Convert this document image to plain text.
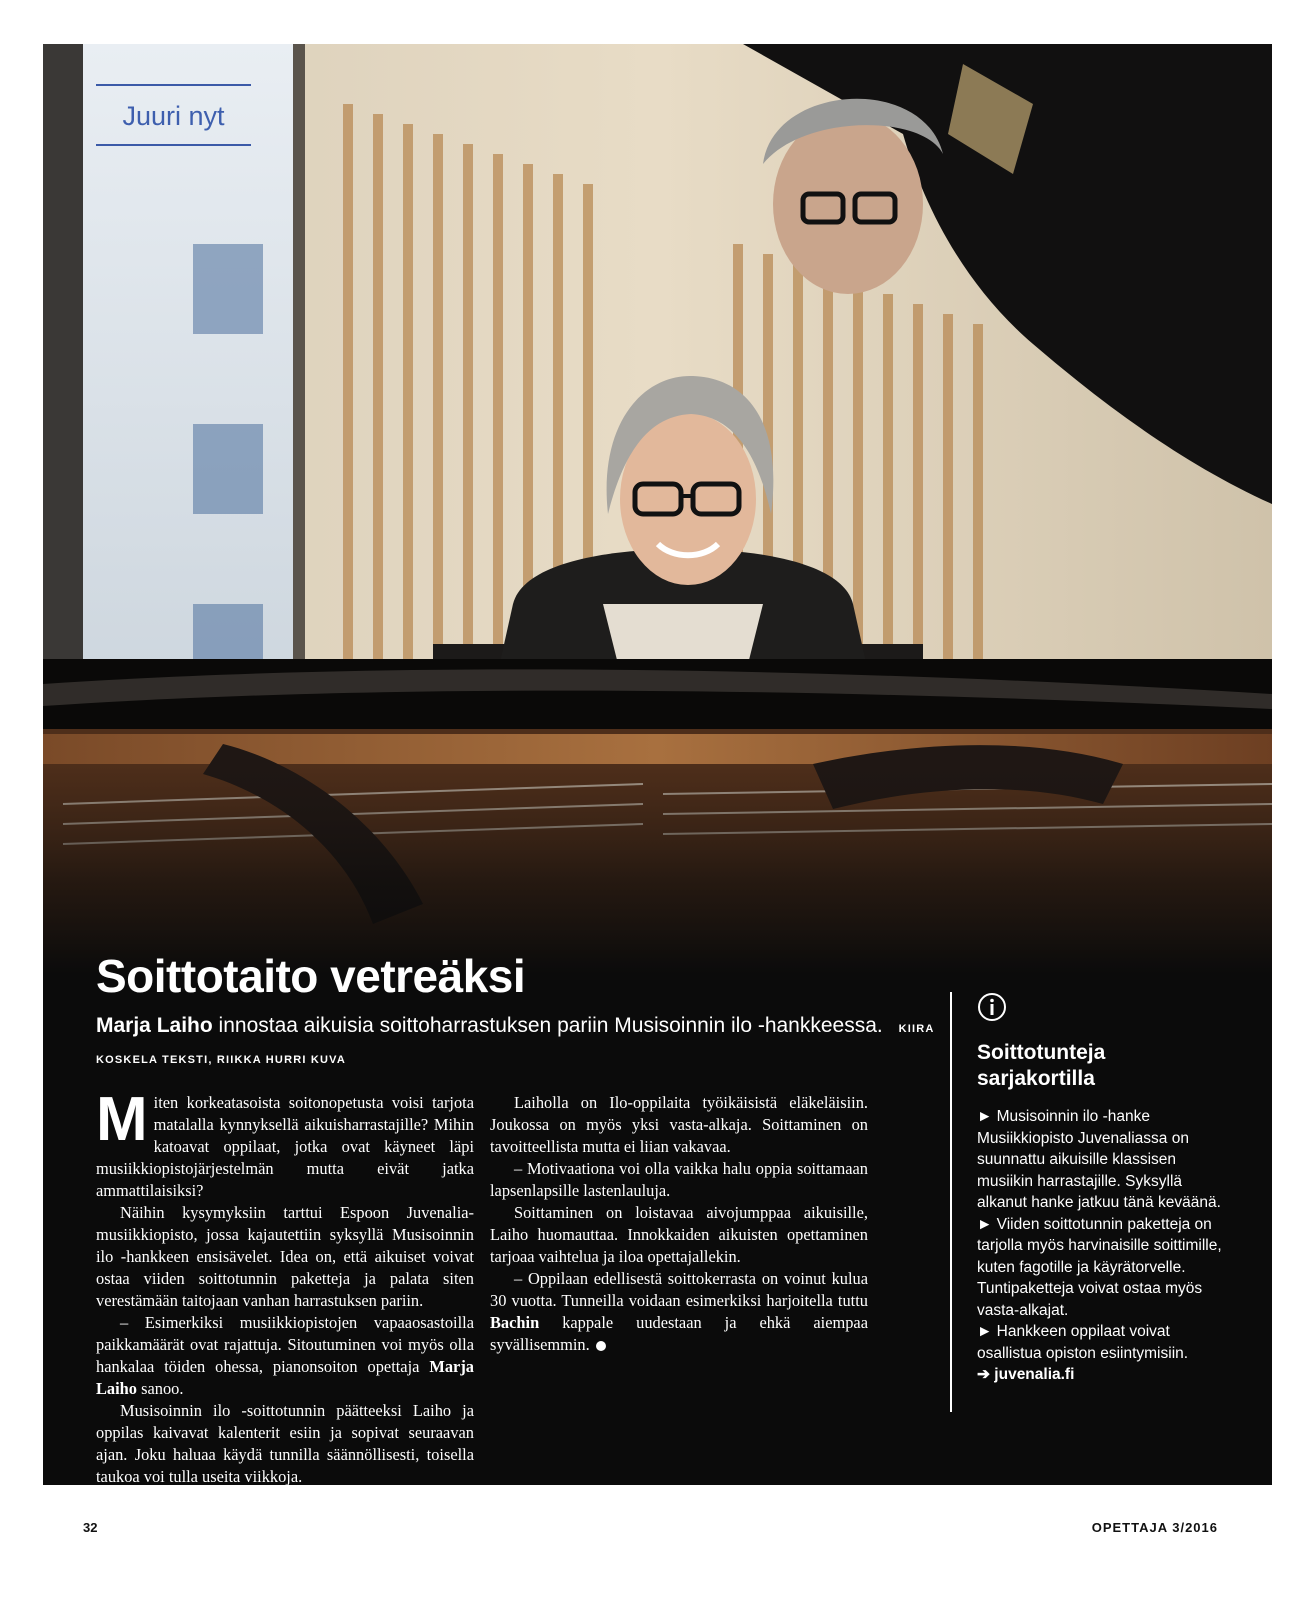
Juuri nyt
Soittotaito vetreäksi
Marja Laiho innostaa aikuisia soittoharrastuksen pariin Musisoinnin ilo -hankkeessa. KIIRA KOSKELA TEKSTI, RIIKKA HURRI KUVA

Miten korkeatasoista soitonopetusta voisi tarjota matalalla kynnyksellä aikuisharrastajille? Mihin katoavat oppilaat, jotka ovat käyneet läpi musiikkiopistojärjestelmän mutta eivät jatka ammattilaisiksi?

Näihin kysymyksiin tarttui Espoon Juvenalia-musiikkiopisto, jossa kajautettiin syksyllä Musisoinnin ilo -hankkeen ensisävelet. Idea on, että aikuiset voivat ostaa viiden soittotunnin paketteja ja palata siten verestämään taitojaan vanhan harrastuksen pariin.

– Esimerkiksi musiikkiopistojen vapaaosastoilla paikkamäärät ovat rajattuja. Sitoutuminen voi myös olla hankalaa töiden ohessa, pianonsoiton opettaja Marja Laiho sanoo.

Musisoinnin ilo -soittotunnin päätteeksi Laiho ja oppilas kaivavat kalenterit esiin ja sopivat seuraavan ajan. Joku haluaa käydä tunnilla säännöllisesti, toisella taukoa voi tulla useita viikkoja.

Laiholla on Ilo-oppilaita työikäisistä eläkeläisiin. Joukossa on myös yksi vasta-alkaja. Soittaminen on tavoitteellista mutta ei liian vakavaa.

– Motivaationa voi olla vaikka halu oppia soittamaan lapsenlapsille lastenlauluja.

Soittaminen on loistavaa aivojumppaa aikuisille, Laiho huomauttaa. Innokkaiden aikuisten opettaminen tarjoaa vaihtelua ja iloa opettajallekin.

– Oppilaan edellisestä soittokerrasta on voinut kulua 30 vuotta. Tunneilla voidaan esimerkiksi harjoitella tuttu Bachin kappale uudestaan ja ehkä aiempaa syvällisemmin.

Soittotunteja sarjakortilla

► Musisoinnin ilo -hanke Musiikkiopisto Juvenaliassa on suunnattu aikuisille klassisen musiikin harrastajille. Syksyllä alkanut hanke jatkuu tänä keväänä.

► Viiden soittotunnin paketteja on tarjolla myös harvinaisille soittimille, kuten fagotille ja käyrätorvelle. Tuntipaketteja voivat ostaa myös vasta-alkajat.

► Hankkeen oppilaat voivat osallistua opiston esiintymisiin.

➔ juvenalia.fi

32	OPETTAJA 3/2016
